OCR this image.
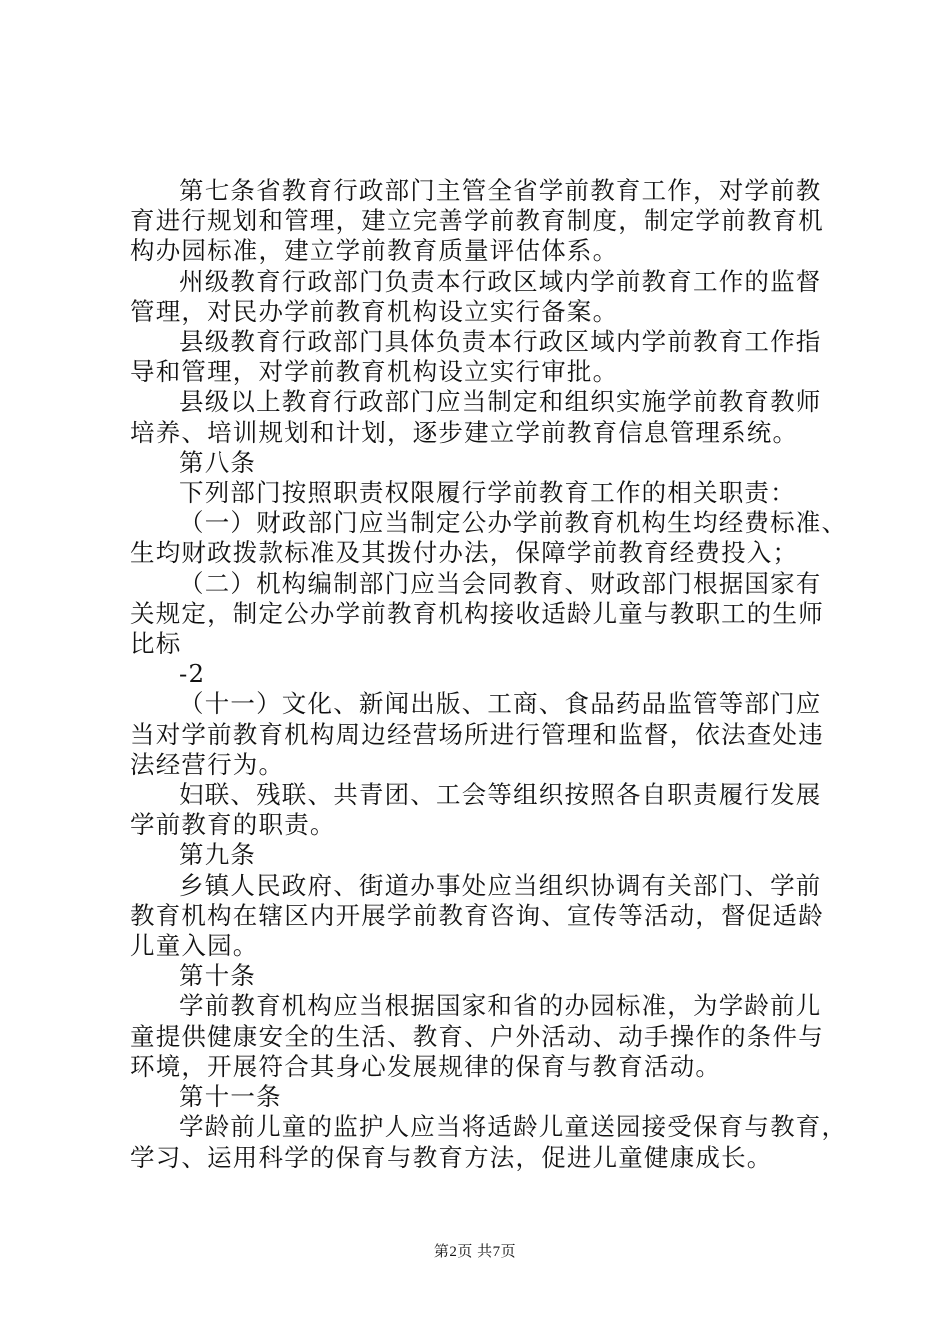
第七条省教育行政部门主管全省学前教育工作，对学前教
育进行规划和管理，建立完善学前教育制度，制定学前教育机
构办园标准，建立学前教育质量评估体系。
州级教育行政部门负责本行政区域内学前教育工作的监督
管理，对民办学前教育机构设立实行备案。
县级教育行政部门具体负责本行政区域内学前教育工作指
导和管理，对学前教育机构设立实行审批。
县级以上教育行政部门应当制定和组织实施学前教育教师
培养、培训规划和计划，逐步建立学前教育信息管理系统。
第八条
下列部门按照职责权限履行学前教育工作的相关职责：
（一）财政部门应当制定公办学前教育机构生均经费标准、
生均财政拨款标准及其拨付办法，保障学前教育经费投入；
（二）机构编制部门应当会同教育、财政部门根据国家有
关规定，制定公办学前教育机构接收适龄儿童与教职工的生师
比标
-2
（十一）文化、新闻出版、工商、食品药品监管等部门应
当对学前教育机构周边经营场所进行管理和监督，依法查处违
法经营行为。
妇联、残联、共青团、工会等组织按照各自职责履行发展
学前教育的职责。
第九条
乡镇人民政府、街道办事处应当组织协调有关部门、学前
教育机构在辖区内开展学前教育咨询、宣传等活动，督促适龄
儿童入园。
第十条
学前教育机构应当根据国家和省的办园标准，为学龄前儿
童提供健康安全的生活、教育、户外活动、动手操作的条件与
环境，开展符合其身心发展规律的保育与教育活动。
第十一条
学龄前儿童的监护人应当将适龄儿童送园接受保育与教育，
学习、运用科学的保育与教育方法，促进儿童健康成长。
第2页 共7页
